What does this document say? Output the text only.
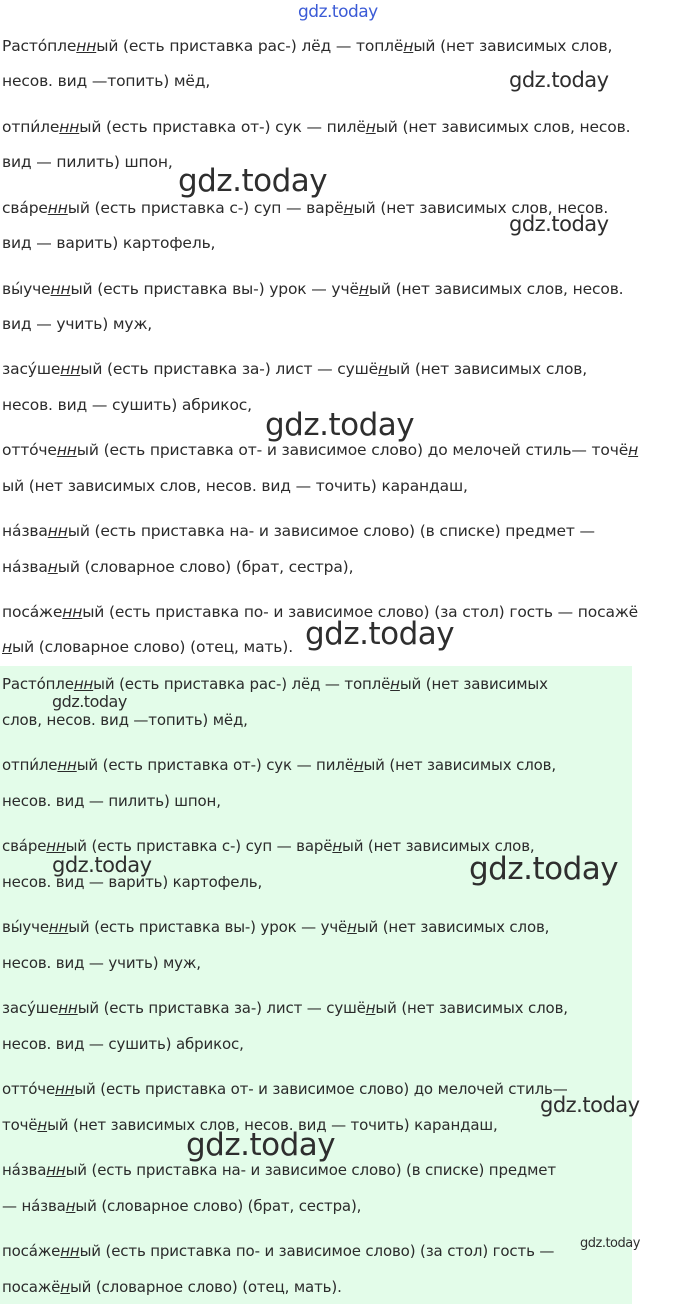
Растóпленный (есть приставка рас-) лёд — топлёный (нет зависимых слов,
несов. вид —топить) мёд,
отпи́ленный (есть приставка от-) сук — пилёный (нет зависимых слов, несов.
вид — пилить) шпон,
сва́ренный (есть приставка с-) суп — варёный (нет зависимых слов, несов.
вид — варить) картофель,
вы́ученный (есть приставка вы-) урок — учёный (нет зависимых слов, несов.
вид — учить) муж,
засу́шенный (есть приставка за-) лист — сушёный (нет зависимых слов,
несов. вид — сушить) абрикос,
оттóченный (есть приставка от- и зависимое слово) до мелочей стиль— точён
ый (нет зависимых слов, несов. вид — точить) карандаш,
на́званный (есть приставка на- и зависимое слово) (в списке) предмет —
на́званый (словарное слово) (брат, сестра),
поса́женный (есть приставка по- и зависимое слово) (за стол) гость — посажё
ный (словарное слово) (отец, мать).
Растóпленный (есть приставка рас-) лёд — топлёный (нет зависимых
слов, несов. вид —топить) мёд,
отпи́ленный (есть приставка от-) сук — пилёный (нет зависимых слов,
несов. вид — пилить) шпон,
сва́ренный (есть приставка с-) суп — варёный (нет зависимых слов,
несов. вид — варить) картофель,
вы́ученный (есть приставка вы-) урок — учёный (нет зависимых слов,
несов. вид — учить) муж,
засу́шенный (есть приставка за-) лист — сушёный (нет зависимых слов,
несов. вид — сушить) абрикос,
оттóченный (есть приставка от- и зависимое слово) до мелочей стиль—
точёный (нет зависимых слов, несов. вид — точить) карандаш,
на́званный (есть приставка на- и зависимое слово) (в списке) предмет
— на́званый (словарное слово) (брат, сестра),
поса́женный (есть приставка по- и зависимое слово) (за стол) гость —
посажёный (словарное слово) (отец, мать).
gdz.today
gdz.today
gdz.today
gdz.today
gdz.today
gdz.today
gdz.today
gdz.today	gdz.today
gdz.today
gdz.today
gdz.today
